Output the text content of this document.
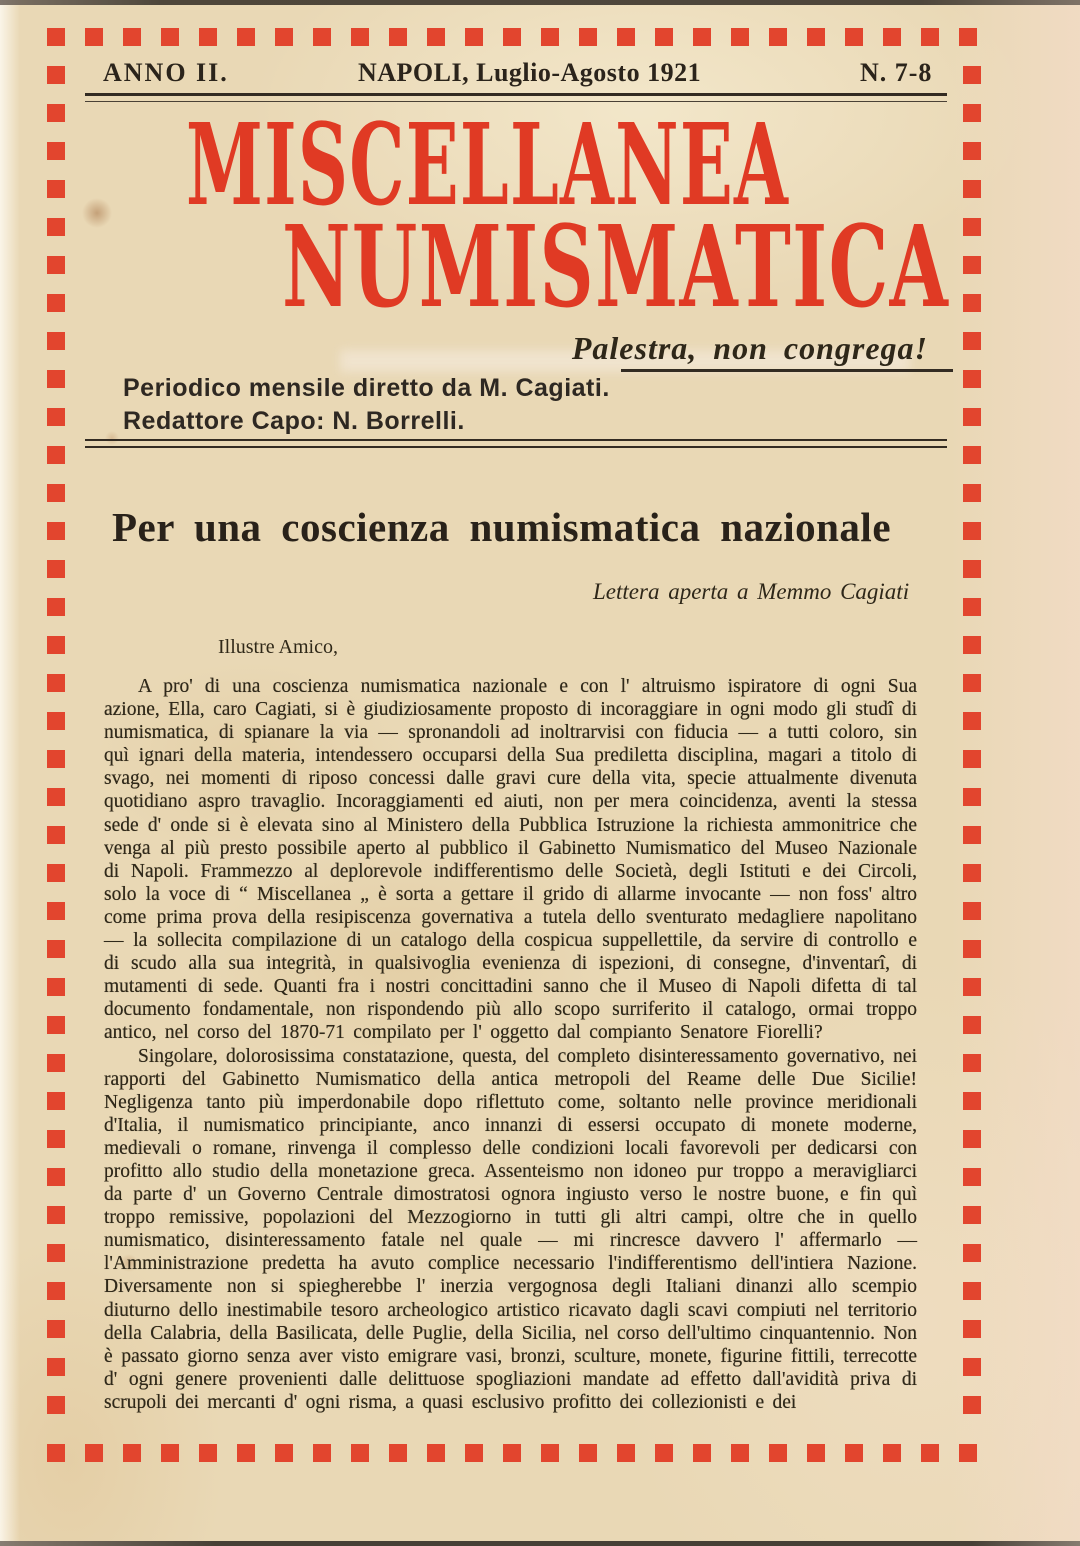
ANNO II.	NAPOLI, Luglio-Agosto 1921	N. 7-8
MISCELLANEA
NUMISMATICA
Palestra, non congrega!
Periodico mensile diretto da M. Cagiati.
Redattore Capo: N. Borrelli.
Per una coscienza numismatica nazionale
Lettera aperta a Memmo Cagiati
Illustre Amico,

A pro' di una coscienza numismatica nazionale e con l' altruismo ispiratore di ogni Sua azione, Ella, caro Cagiati, si è giudiziosamente proposto di incoraggiare in ogni modo gli studî di numismatica, di spianare la via — spronandoli ad inoltrarvisi con fiducia — a tutti coloro, sin quì ignari della materia, intendessero occuparsi della Sua prediletta disciplina, magari a titolo di svago, nei momenti di riposo concessi dalle gravi cure della vita, specie attualmente divenuta quotidiano aspro travaglio. Incoraggiamenti ed aiuti, non per mera coincidenza, aventi la stessa sede d' onde si è elevata sino al Ministero della Pubblica Istruzione la richiesta ammonitrice che venga al più presto possibile aperto al pubblico il Gabinetto Numismatico del Museo Nazionale di Napoli. Frammezzo al deplorevole indifferentismo delle Società, degli Istituti e dei Circoli, solo la voce di “ Miscellanea „ è sorta a gettare il grido di allarme invocante — non foss' altro come prima prova della resipiscenza governativa a tutela dello sventurato medagliere napolitano — la sollecita compilazione di un catalogo della cospicua suppellettile, da servire di controllo e di scudo alla sua integrità, in qualsivoglia evenienza di ispezioni, di consegne, d'inventarî, di mutamenti di sede. Quanti fra i nostri concittadini sanno che il Museo di Napoli difetta di tal documento fondamentale, non rispondendo più allo scopo surriferito il catalogo, ormai troppo antico, nel corso del 1870-71 compilato per l' oggetto dal compianto Senatore Fiorelli?

Singolare, dolorosissima constatazione, questa, del completo disinteressamento governativo, nei rapporti del Gabinetto Numismatico della antica metropoli del Reame delle Due Sicilie! Negligenza tanto più imperdonabile dopo riflettuto come, soltanto nelle province meridionali d'Italia, il numismatico principiante, anco innanzi di essersi occupato di monete moderne, medievali o romane, rinvenga il complesso delle condizioni locali favorevoli per dedicarsi con profitto allo studio della monetazione greca. Assenteismo non idoneo pur troppo a meravigliarci da parte d' un Governo Centrale dimostratosi ognora ingiusto verso le nostre buone, e fin quì troppo remissive, popolazioni del Mezzogiorno in tutti gli altri campi, oltre che in quello numismatico, disinteressamento fatale nel quale — mi rincresce davvero l' affermarlo — l'Amministrazione predetta ha avuto complice necessario l'indifferentismo dell'intiera Nazione. Diversamente non si spiegherebbe l' inerzia vergognosa degli Italiani dinanzi allo scempio diuturno dello inestimabile tesoro archeologico artistico ricavato dagli scavi compiuti nel territorio della Calabria, della Basilicata, delle Puglie, della Sicilia, nel corso dell'ultimo cinquantennio. Non è passato giorno senza aver visto emigrare vasi, bronzi, sculture, monete, figurine fittili, terrecotte d' ogni genere provenienti dalle delittuose spogliazioni mandate ad effetto dall'avidità priva di scrupoli dei mercanti d' ogni risma, a quasi esclusivo profitto dei collezionisti e dei
